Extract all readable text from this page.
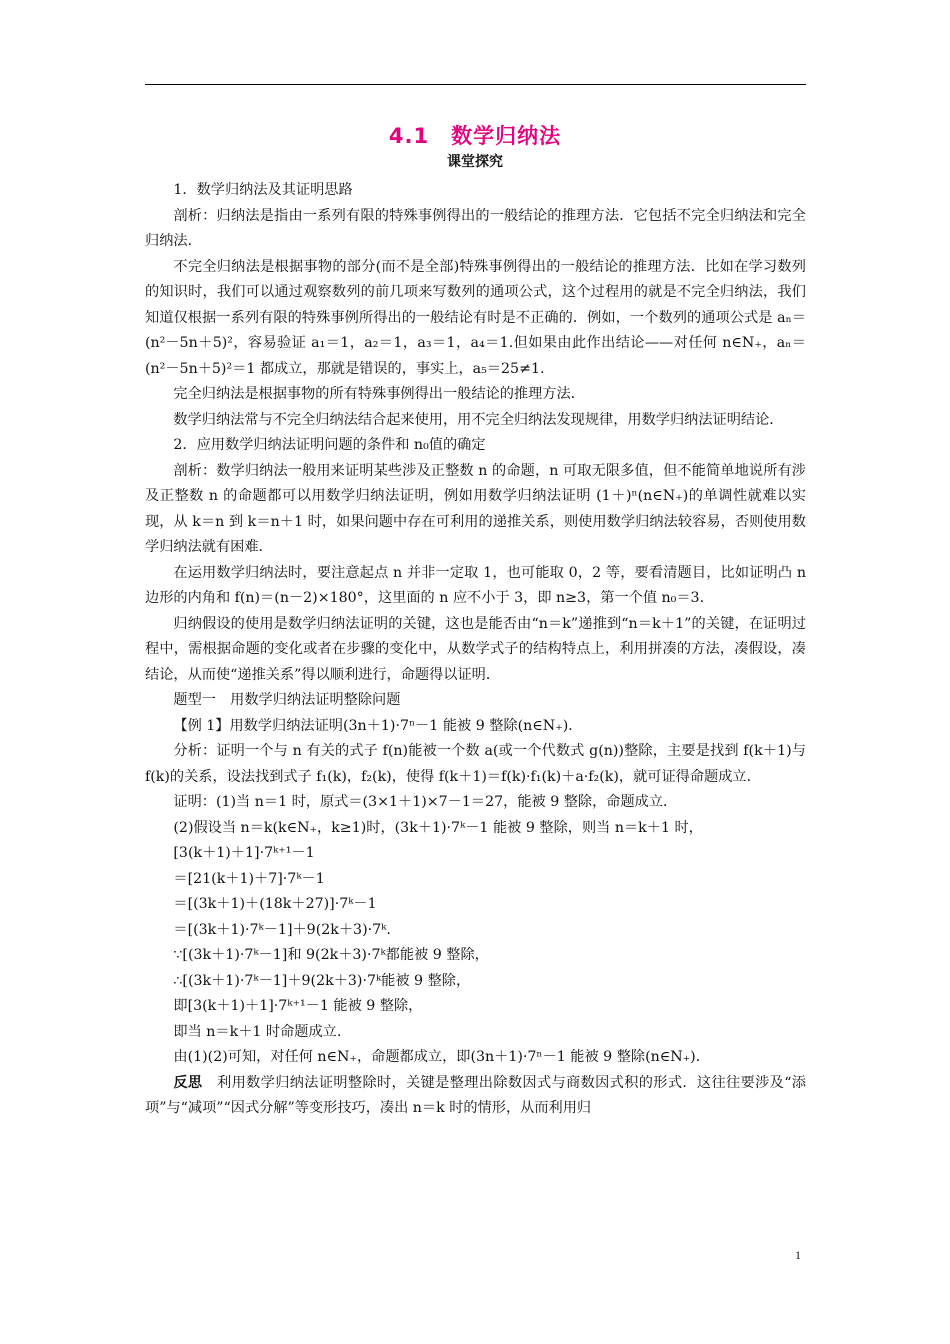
4.1　数学归纳法
课堂探究

1．数学归纳法及其证明思路

剖析：归纳法是指由一系列有限的特殊事例得出的一般结论的推理方法．它包括不完全归纳法和完全归纳法．

不完全归纳法是根据事物的部分(而不是全部)特殊事例得出的一般结论的推理方法．比如在学习数列的知识时，我们可以通过观察数列的前几项来写数列的通项公式，这个过程用的就是不完全归纳法，我们知道仅根据一系列有限的特殊事例所得出的一般结论有时是不正确的．例如，一个数列的通项公式是 aₙ＝(n²－5n＋5)²，容易验证 a₁＝1，a₂＝1，a₃＝1，a₄＝1.但如果由此作出结论——对任何 n∈N₊，aₙ＝(n²－5n＋5)²＝1 都成立，那就是错误的，事实上，a₅＝25≠1.

完全归纳法是根据事物的所有特殊事例得出一般结论的推理方法．

数学归纳法常与不完全归纳法结合起来使用，用不完全归纳法发现规律，用数学归纳法证明结论．

2．应用数学归纳法证明问题的条件和 n₀值的确定

剖析：数学归纳法一般用来证明某些涉及正整数 n 的命题，n 可取无限多值，但不能简单地说所有涉及正整数 n 的命题都可以用数学归纳法证明，例如用数学归纳法证明 (1＋)ⁿ(n∈N₊)的单调性就难以实现，从 k＝n 到 k＝n＋1 时，如果问题中存在可利用的递推关系，则使用数学归纳法较容易，否则使用数学归纳法就有困难．

在运用数学归纳法时，要注意起点 n 并非一定取 1，也可能取 0，2 等，要看清题目，比如证明凸 n 边形的内角和 f(n)＝(n－2)×180°，这里面的 n 应不小于 3，即 n≥3，第一个值 n₀＝3.

归纳假设的使用是数学归纳法证明的关键，这也是能否由“n＝k”递推到“n＝k＋1”的关键，在证明过程中，需根据命题的变化或者在步骤的变化中，从数学式子的结构特点上，利用拼凑的方法，凑假设，凑结论，从而使“递推关系”得以顺利进行，命题得以证明．

题型一　用数学归纳法证明整除问题

【例 1】用数学归纳法证明(3n＋1)·7ⁿ－1 能被 9 整除(n∈N₊)．

分析：证明一个与 n 有关的式子 f(n)能被一个数 a(或一个代数式 g(n))整除，主要是找到 f(k＋1)与 f(k)的关系，设法找到式子 f₁(k)，f₂(k)，使得 f(k＋1)＝f(k)·f₁(k)＋a·f₂(k)，就可证得命题成立．

证明：(1)当 n＝1 时，原式＝(3×1＋1)×7－1＝27，能被 9 整除，命题成立．

(2)假设当 n＝k(k∈N₊，k≥1)时，(3k＋1)·7ᵏ－1 能被 9 整除，则当 n＝k＋1 时，

[3(k＋1)＋1]·7ᵏ⁺¹－1

＝[21(k＋1)＋7]·7ᵏ－1

＝[(3k＋1)＋(18k＋27)]·7ᵏ－1

＝[(3k＋1)·7ᵏ－1]＋9(2k＋3)·7ᵏ.

∵[(3k＋1)·7ᵏ－1]和 9(2k＋3)·7ᵏ都能被 9 整除，

∴[(3k＋1)·7ᵏ－1]＋9(2k＋3)·7ᵏ能被 9 整除，

即[3(k＋1)＋1]·7ᵏ⁺¹－1 能被 9 整除，

即当 n＝k＋1 时命题成立.

由(1)(2)可知，对任何 n∈N₊，命题都成立，即(3n＋1)·7ⁿ－1 能被 9 整除(n∈N₊)．

反思　利用数学归纳法证明整除时，关键是整理出除数因式与商数因式积的形式．这往往要涉及“添项”与“减项”“因式分解”等变形技巧，凑出 n＝k 时的情形，从而利用归

1
